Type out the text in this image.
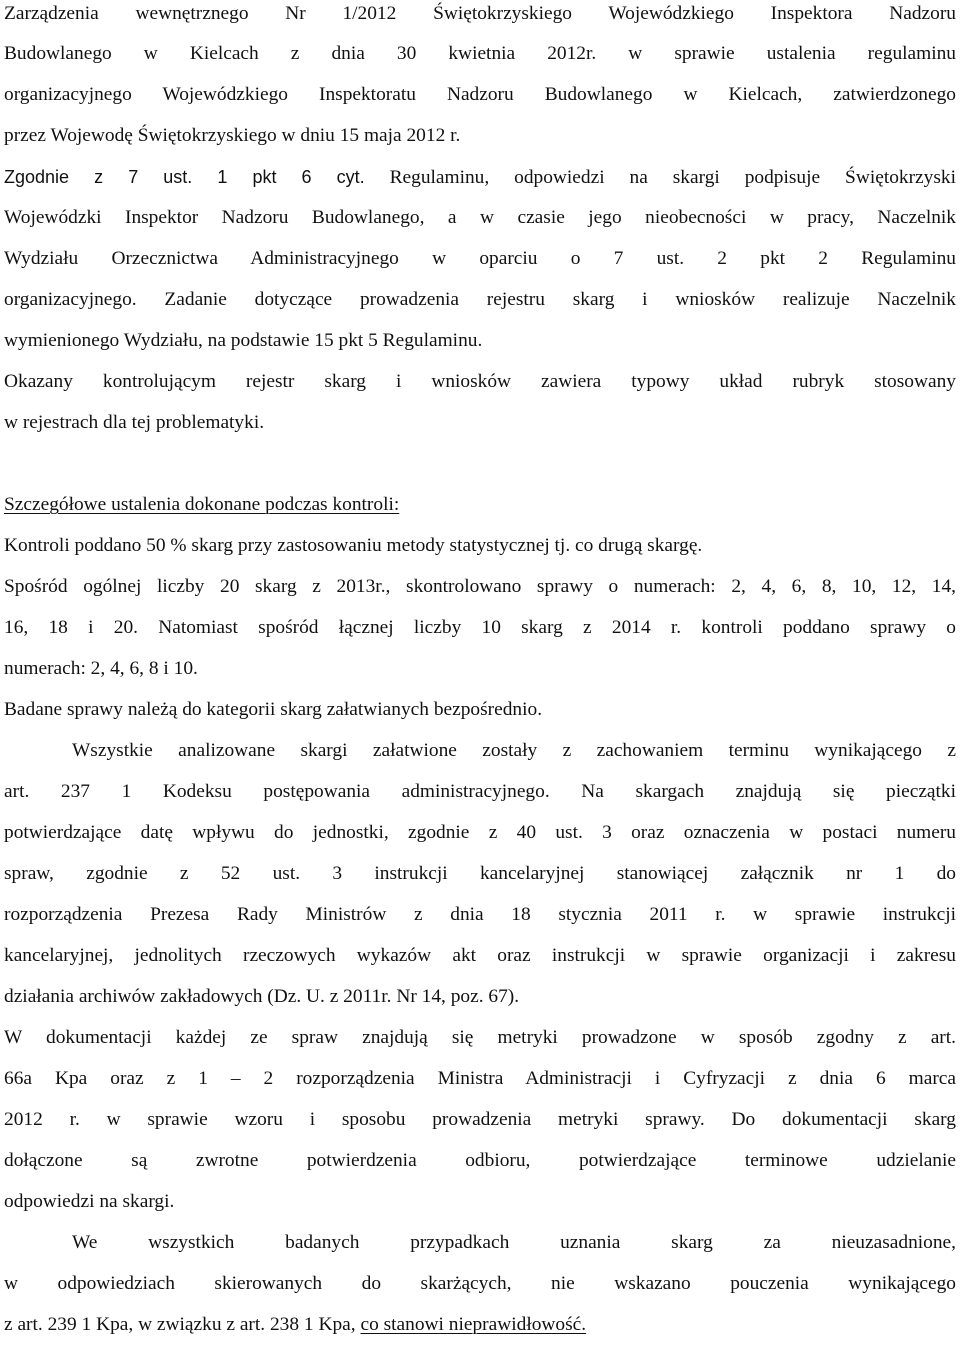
Zarządzenia wewnętrznego Nr 1/2012 Świętokrzyskiego Wojewódzkiego Inspektora Nadzoru
Budowlanego w Kielcach z dnia 30 kwietnia 2012r. w sprawie ustalenia regulaminu
organizacyjnego Wojewódzkiego Inspektoratu Nadzoru Budowlanego w Kielcach, zatwierdzonego
przez Wojewodę Świętokrzyskiego w dniu 15 maja 2012 r.
Zgodnie z 7 ust. 1 pkt 6 cyt. Regulaminu, odpowiedzi na skargi podpisuje Świętokrzyski
Wojewódzki Inspektor Nadzoru Budowlanego, a w czasie jego nieobecności w pracy, Naczelnik
Wydziału Orzecznictwa Administracyjnego w oparciu o 7 ust. 2 pkt 2 Regulaminu
organizacyjnego. Zadanie dotyczące prowadzenia rejestru skarg i wniosków realizuje Naczelnik
wymienionego Wydziału, na podstawie 15 pkt 5 Regulaminu.
Okazany kontrolującym rejestr skarg i wniosków zawiera typowy układ rubryk stosowany
w rejestrach dla tej problematyki.
Szczegółowe ustalenia dokonane podczas kontroli:
Kontroli poddano 50 % skarg przy zastosowaniu metody statystycznej tj. co drugą skargę.
Spośród ogólnej liczby 20 skarg z 2013r., skontrolowano sprawy o numerach: 2, 4, 6, 8, 10, 12, 14,
16, 18 i 20. Natomiast spośród łącznej liczby 10 skarg z 2014 r. kontroli poddano sprawy o
numerach: 2, 4, 6, 8 i 10.
Badane sprawy należą do kategorii skarg załatwianych bezpośrednio.
Wszystkie analizowane skargi załatwione zostały z zachowaniem terminu wynikającego z
art. 237 1 Kodeksu postępowania administracyjnego. Na skargach znajdują się pieczątki
potwierdzające datę wpływu do jednostki, zgodnie z 40 ust. 3 oraz oznaczenia w postaci numeru
spraw, zgodnie z 52 ust. 3 instrukcji kancelaryjnej stanowiącej załącznik nr 1 do
rozporządzenia Prezesa Rady Ministrów z dnia 18 stycznia 2011 r. w sprawie instrukcji
kancelaryjnej, jednolitych rzeczowych wykazów akt oraz instrukcji w sprawie organizacji i zakresu
działania archiwów zakładowych (Dz. U. z 2011r. Nr 14, poz. 67).
W dokumentacji każdej ze spraw znajdują się metryki prowadzone w sposób zgodny z art.
66a Kpa oraz z 1 – 2 rozporządzenia Ministra Administracji i Cyfryzacji z dnia 6 marca
2012 r. w sprawie wzoru i sposobu prowadzenia metryki sprawy. Do dokumentacji skarg
dołączone są zwrotne potwierdzenia odbioru, potwierdzające terminowe udzielanie
odpowiedzi na skargi.
We wszystkich badanych przypadkach uznania skarg za nieuzasadnione,
w odpowiedziach skierowanych do skarżących, nie wskazano pouczenia wynikającego
z art. 239 1 Kpa, w związku z art. 238 1 Kpa, co stanowi nieprawidłowość.
